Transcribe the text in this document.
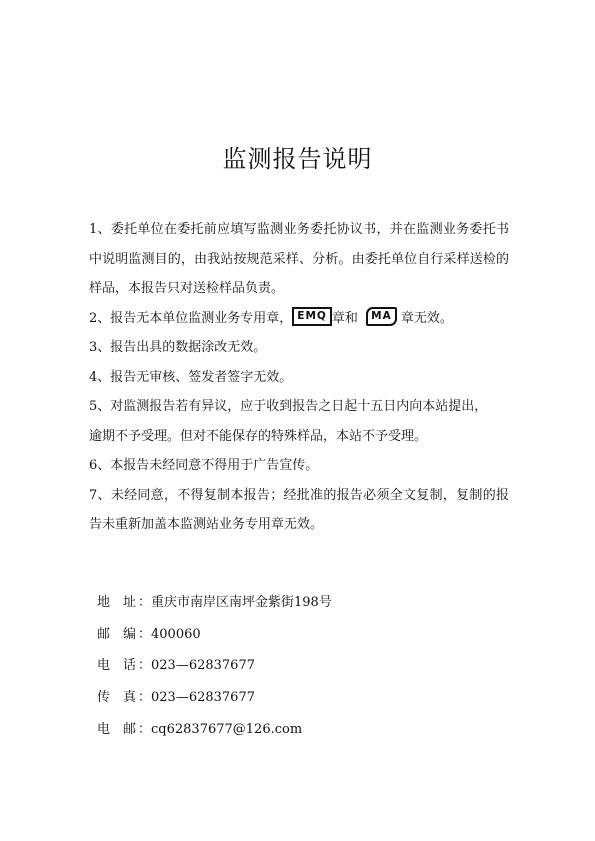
监测报告说明
1、委托单位在委托前应填写监测业务委托协议书，并在监测业务委托书中说明监测目的，由我站按规范采样、分析。由委托单位自行采样送检的样品，本报告只对送检样品负责。
2、报告无本单位监测业务专用章， EMQ 章和 MA 章无效。
3、报告出具的数据涂改无效。
4、报告无审核、签发者签字无效。
5、对监测报告若有异议，应于收到报告之日起十五日内向本站提出，
逾期不予受理。但对不能保存的特殊样品，本站不予受理。
6、本报告未经同意不得用于广告宣传。
7、未经同意，不得复制本报告；经批准的报告必须全文复制，复制的报告未重新加盖本监测站业务专用章无效。
地 址 ：重庆市南岸区南坪金紫街198号
邮 编 ：400060
电 话 ：023—62837677
传 真 ：023—62837677
电 邮 ：cq62837677@126.com
